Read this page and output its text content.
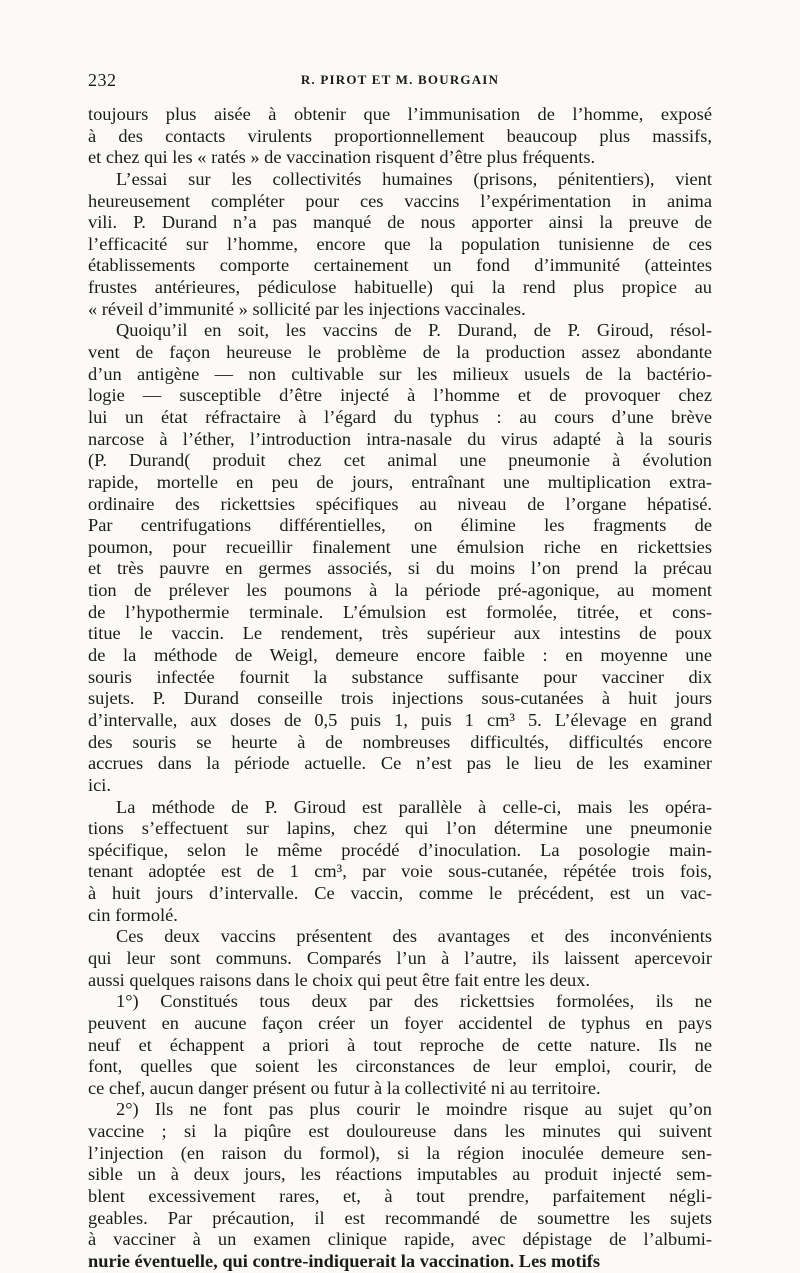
232	R. PIROT ET M. BOURGAIN
toujours plus aisée à obtenir que l’immunisation de l’homme, exposé
à des contacts virulents proportionnellement beaucoup plus massifs,
et chez qui les « ratés » de vaccination risquent d’être plus fréquents.
L’essai sur les collectivités humaines (prisons, pénitentiers), vient
heureusement compléter pour ces vaccins l’expérimentation in anima
vili. P. Durand n’a pas manqué de nous apporter ainsi la preuve de
l’efficacité sur l’homme, encore que la population tunisienne de ces
établissements comporte certainement un fond d’immunité (atteintes
frustes antérieures, pédiculose habituelle) qui la rend plus propice au
« réveil d’immunité » sollicité par les injections vaccinales.
Quoiqu’il en soit, les vaccins de P. Durand, de P. Giroud, résol-
vent de façon heureuse le problème de la production assez abondante
d’un antigène — non cultivable sur les milieux usuels de la bactério-
logie — susceptible d’être injecté à l’homme et de provoquer chez
lui un état réfractaire à l’égard du typhus : au cours d’une brève
narcose à l’éther, l’introduction intra-nasale du virus adapté à la souris
(P. Durand( produit chez cet animal une pneumonie à évolution
rapide, mortelle en peu de jours, entraînant une multiplication extra-
ordinaire des rickettsies spécifiques au niveau de l’organe hépatisé.
Par centrifugations différentielles, on élimine les fragments de
poumon, pour recueillir finalement une émulsion riche en rickettsies
et très pauvre en germes associés, si du moins l’on prend la précau
tion de prélever les poumons à la période pré-agonique, au moment
de l’hypothermie terminale. L’émulsion est formolée, titrée, et cons-
titue le vaccin. Le rendement, très supérieur aux intestins de poux
de la méthode de Weigl, demeure encore faible : en moyenne une
souris infectée fournit la substance suffisante pour vacciner dix
sujets. P. Durand conseille trois injections sous-cutanées à huit jours
d’intervalle, aux doses de 0,5 puis 1, puis 1 cm³ 5. L’élevage en grand
des souris se heurte à de nombreuses difficultés, difficultés encore
accrues dans la période actuelle. Ce n’est pas le lieu de les examiner
ici.
La méthode de P. Giroud est parallèle à celle-ci, mais les opéra-
tions s’effectuent sur lapins, chez qui l’on détermine une pneumonie
spécifique, selon le même procédé d’inoculation. La posologie main-
tenant adoptée est de 1 cm³, par voie sous-cutanée, répétée trois fois,
à huit jours d’intervalle. Ce vaccin, comme le précédent, est un vac-
cin formolé.
Ces deux vaccins présentent des avantages et des inconvénients
qui leur sont communs. Comparés l’un à l’autre, ils laissent apercevoir
aussi quelques raisons dans le choix qui peut être fait entre les deux.
1°) Constitués tous deux par des rickettsies formolées, ils ne
peuvent en aucune façon créer un foyer accidentel de typhus en pays
neuf et échappent a priori à tout reproche de cette nature. Ils ne
font, quelles que soient les circonstances de leur emploi, courir, de
ce chef, aucun danger présent ou futur à la collectivité ni au territoire.
2°) Ils ne font pas plus courir le moindre risque au sujet qu’on
vaccine ; si la piqûre est douloureuse dans les minutes qui suivent
l’injection (en raison du formol), si la région inoculée demeure sen-
sible un à deux jours, les réactions imputables au produit injecté sem-
blent excessivement rares, et, à tout prendre, parfaitement négli-
geables. Par précaution, il est recommandé de soumettre les sujets
à vacciner à un examen clinique rapide, avec dépistage de l’albumi-
nurie éventuelle, qui contre-indiquerait la vaccination. Les motifs
